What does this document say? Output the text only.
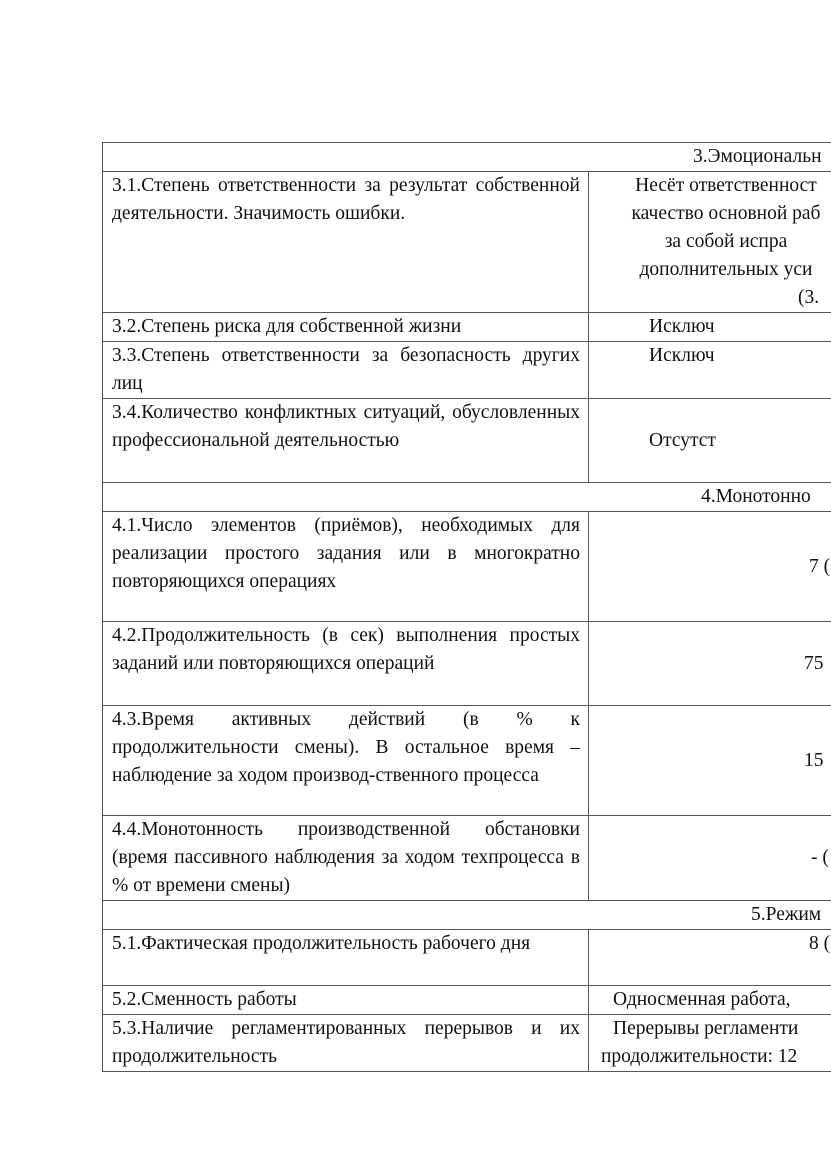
3.Эмоциональн	
3.1.Степень ответственности за результат собственной деятельности. Значимость ошибки.	Несёт ответственност
качество основной раб
за собой испра
дополнительных уси
(3.

3.2.Степень риска для собственной жизни	Исключ
3.3.Степень ответственности за безопасность других лиц	Исключ
3.4.Количество конфликтных ситуаций, обусловленных профессиональной деятельностью	Отсутст
4.Монотонно	
4.1.Число элементов (приёмов), необходимых для реализации простого задания или в многократно повторяющихся операциях	7 (
4.2.Продолжительность (в сек) выполнения простых заданий или повторяющихся операций	75
4.3.Время активных действий (в % к продолжительности смены). В остальное время – наблюдение за ходом производ-ственного процесса	15
4.4.Монотонность производственной обстановки (время пассивного наблюдения за ходом техпроцесса в % от времени смены)	- (
5.Режим	
5.1.Фактическая продолжительность рабочего дня	8 (
5.2.Сменность работы	Односменная работа,
5.3.Наличие регламентированных перерывов и их продолжительность	Перерывы регламенти
продолжительности: 12
